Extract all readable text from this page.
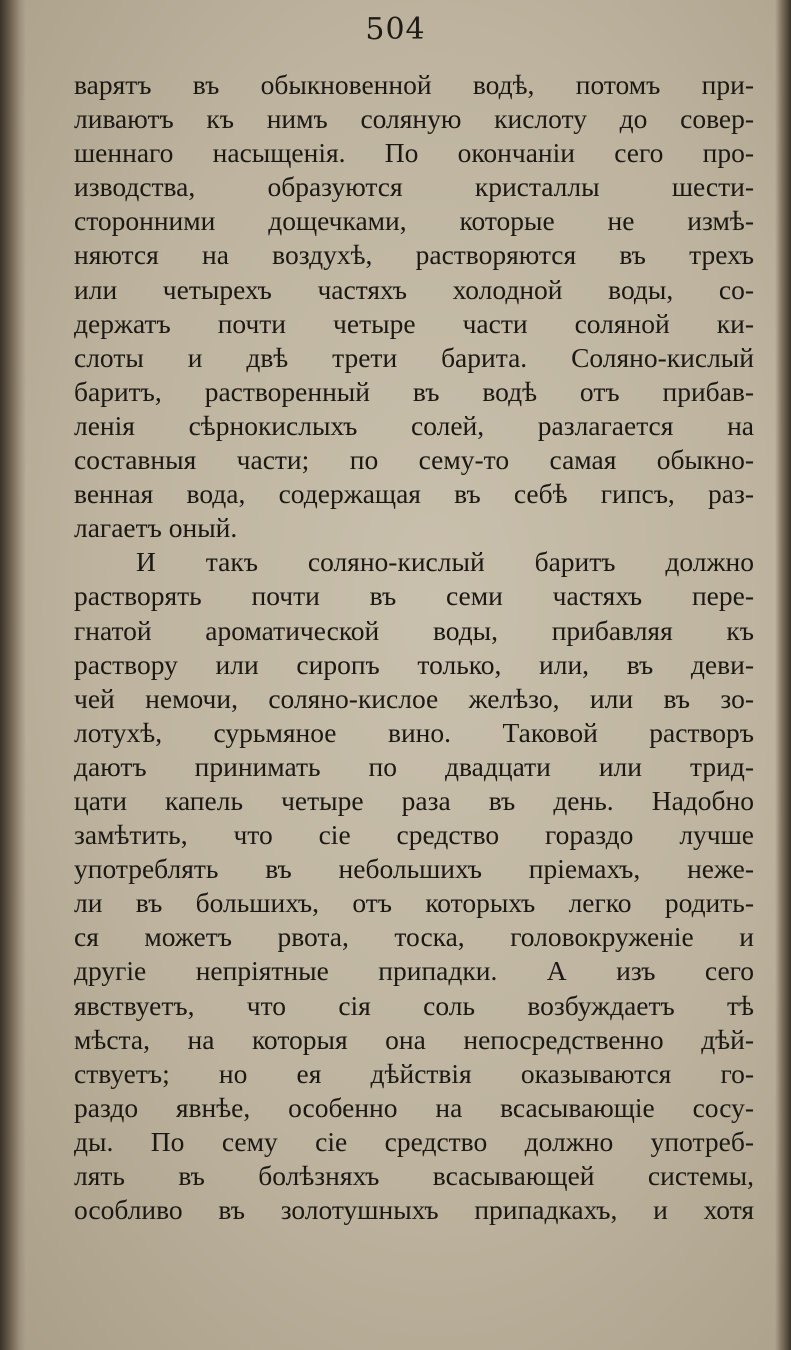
504
варятъ въ обыкновенной водѣ, потомъ при-
ливаютъ къ нимъ соляную кислоту до совер-
шеннаго насыщенія. По окончаніи сего про-
изводства, образуются кристаллы шести-
сторонними дощечками, которые не измѣ-
няются на воздухѣ, растворяются въ трехъ
или четырехъ частяхъ холодной воды, со-
держатъ почти четыре части соляной ки-
слоты и двѣ трети барита. Соляно-кислый
баритъ, растворенный въ водѣ отъ прибав-
ленія сѣрнокислыхъ солей, разлагается на
составныя части; по сему-то самая обыкно-
венная вода, содержащая въ себѣ гипсъ, раз-
лагаетъ оный.
И такъ соляно-кислый баритъ должно
растворять почти въ семи частяхъ пере-
гнатой ароматической воды, прибавляя къ
раствору или сиропъ только, или, въ деви-
чей немочи, соляно-кислое желѣзо, или въ зо-
лотухѣ, сурьмяное вино. Таковой растворъ
даютъ принимать по двадцати или трид-
цати капель четыре раза въ день. Надобно
замѣтить, что сіе средство гораздо лучше
употреблять въ небольшихъ пріемахъ, неже-
ли въ большихъ, отъ которыхъ легко родить-
ся можетъ рвота, тоска, головокруженіе и
другіе непріятные припадки. А изъ сего
явствуетъ, что сія соль возбуждаетъ тѣ
мѣста, на которыя она непосредственно дѣй-
ствуетъ; но ея дѣйствія оказываются го-
раздо явнѣе, особенно на всасывающіе сосу-
ды. По сему сіе средство должно употреб-
лять въ болѣзняхъ всасывающей системы,
особливо въ золотушныхъ припадкахъ, и хотя
